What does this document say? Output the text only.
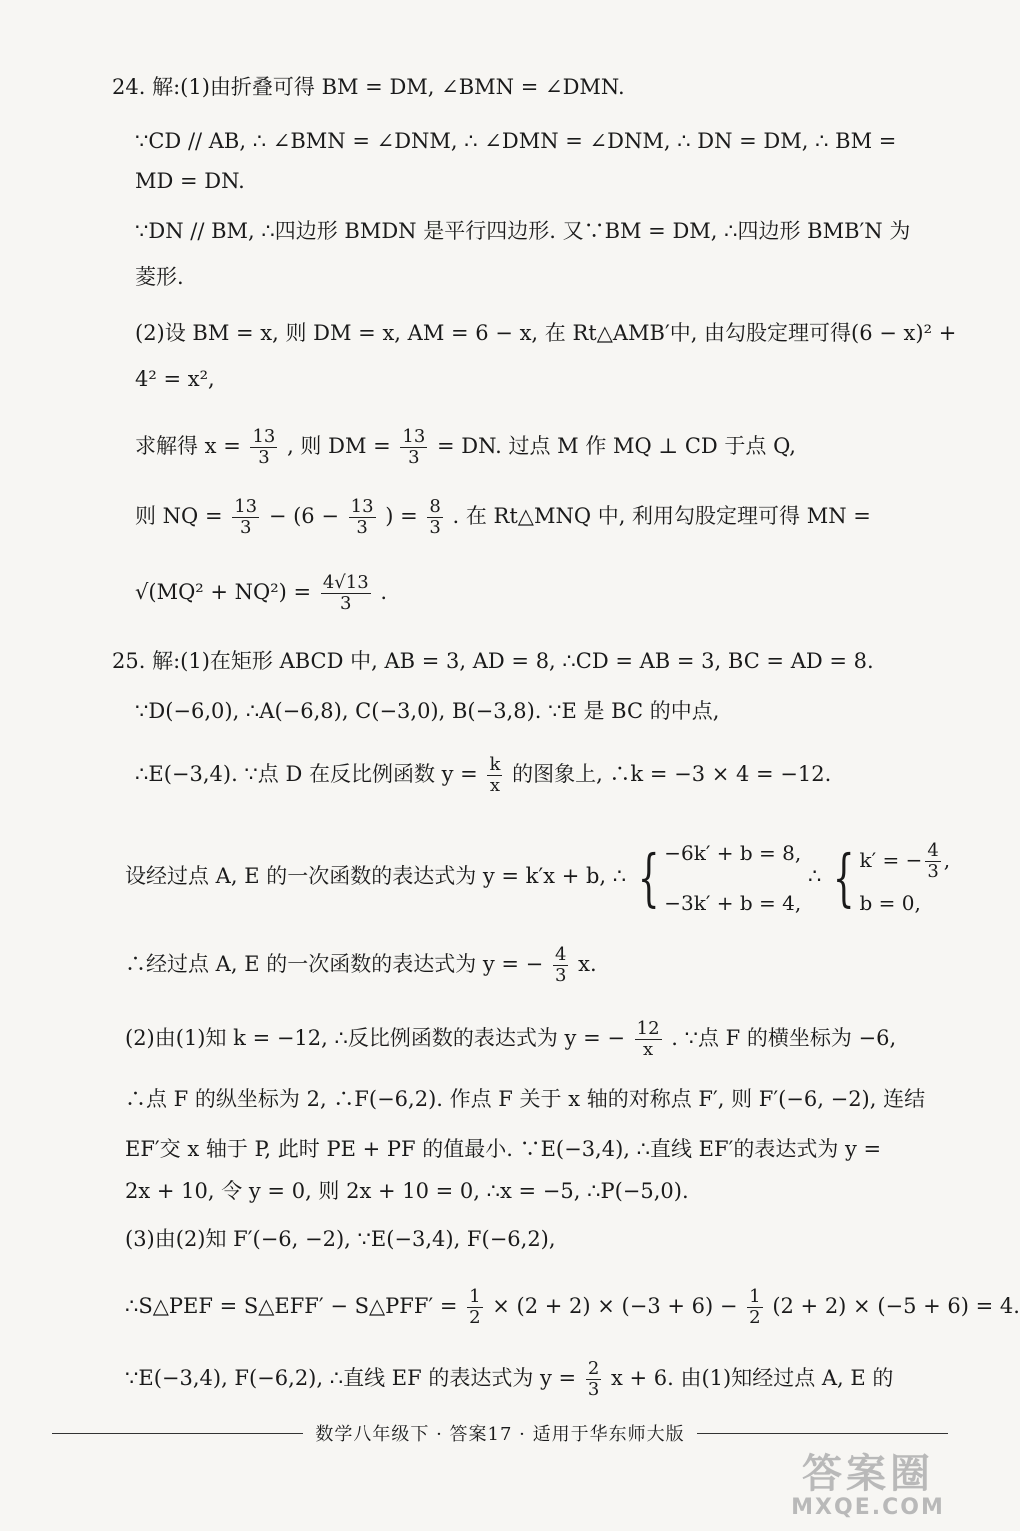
24. 解:(1)由折叠可得 BM = DM, ∠BMN = ∠DMN.
∵CD // AB, ∴ ∠BMN = ∠DNM, ∴ ∠DMN = ∠DNM, ∴ DN = DM, ∴ BM =
MD = DN.
∵DN // BM, ∴四边形 BMDN 是平行四边形. 又∵BM = DM, ∴四边形 BMB′N 为
菱形.
(2)设 BM = x, 则 DM = x, AM = 6 − x, 在 Rt△AMB′中, 由勾股定理可得(6 − x)² +
4² = x²,
求解得 $x = \frac{13}{3}$ , 则 DM = $\frac{13}{3}$ = DN. 过点 M 作 MQ ⊥ CD 于点 Q,
则 NQ = $\frac{13}{3} - (6 - \frac{13}{3}$ ) = $\frac{8}{3}$ . 在 Rt△MNQ 中, 利用勾股定理可得 MN =
$√(MQ^2 + NQ^2) = \frac{4√13}{3}$ .
25. 解:(1)在矩形 ABCD 中, AB = 3, AD = 8, ∴CD = AB = 3, BC = AD = 8.
∵D(−6,0), ∴A(−6,8), C(−3,0), B(−3,8). ∵E 是 BC 的中点,
∴E(−3,4). ∵点 D 在反比例函数 $y = \frac{k}{x}$ 的图象上, ∴k = −3 × 4 = −12.
设经过点 A, E 的一次函数的表达式为 y = k′x + b, ∴ { −6k′ + b = 8,
−3k′ + b = 4,
∴ { k′ = − $\frac{4}{3}$ ,
b = 0,
∴经过点 A, E 的一次函数的表达式为 y = − $\frac{4}{3} x$.
(2)由(1)知 k = −12, ∴反比例函数的表达式为 y = − $\frac{12}{x}$ . ∵点 F 的横坐标为 −6,
∴点 F 的纵坐标为 2, ∴F(−6,2). 作点 F 关于 x 轴的对称点 F′, 则 F′(−6, −2), 连结
EF′交 x 轴于 P, 此时 PE + PF 的值最小. ∵E(−3,4), ∴直线 EF′的表达式为 y =
2x + 10, 令 y = 0, 则 2x + 10 = 0, ∴x = −5, ∴P(−5,0).
(3)由(2)知 F′(−6, −2), ∵E(−3,4), F(−6,2),
∴S△PEF = S△EFF′ − S△PFF′ = $\frac{1}{2} \times (2 + 2) \times (-3 + 6) - \frac{1}{2} (2 + 2) \times (-5 + 6) = 4$.
∵E(−3,4), F(−6,2), ∴直线 EF 的表达式为 $y = \frac{2}{3}$ x + 6. 由(1)知经过点 A, E 的
数学八年级下 · 答案17 · 适用于华东师大版
答案圈
MXQE.COM
